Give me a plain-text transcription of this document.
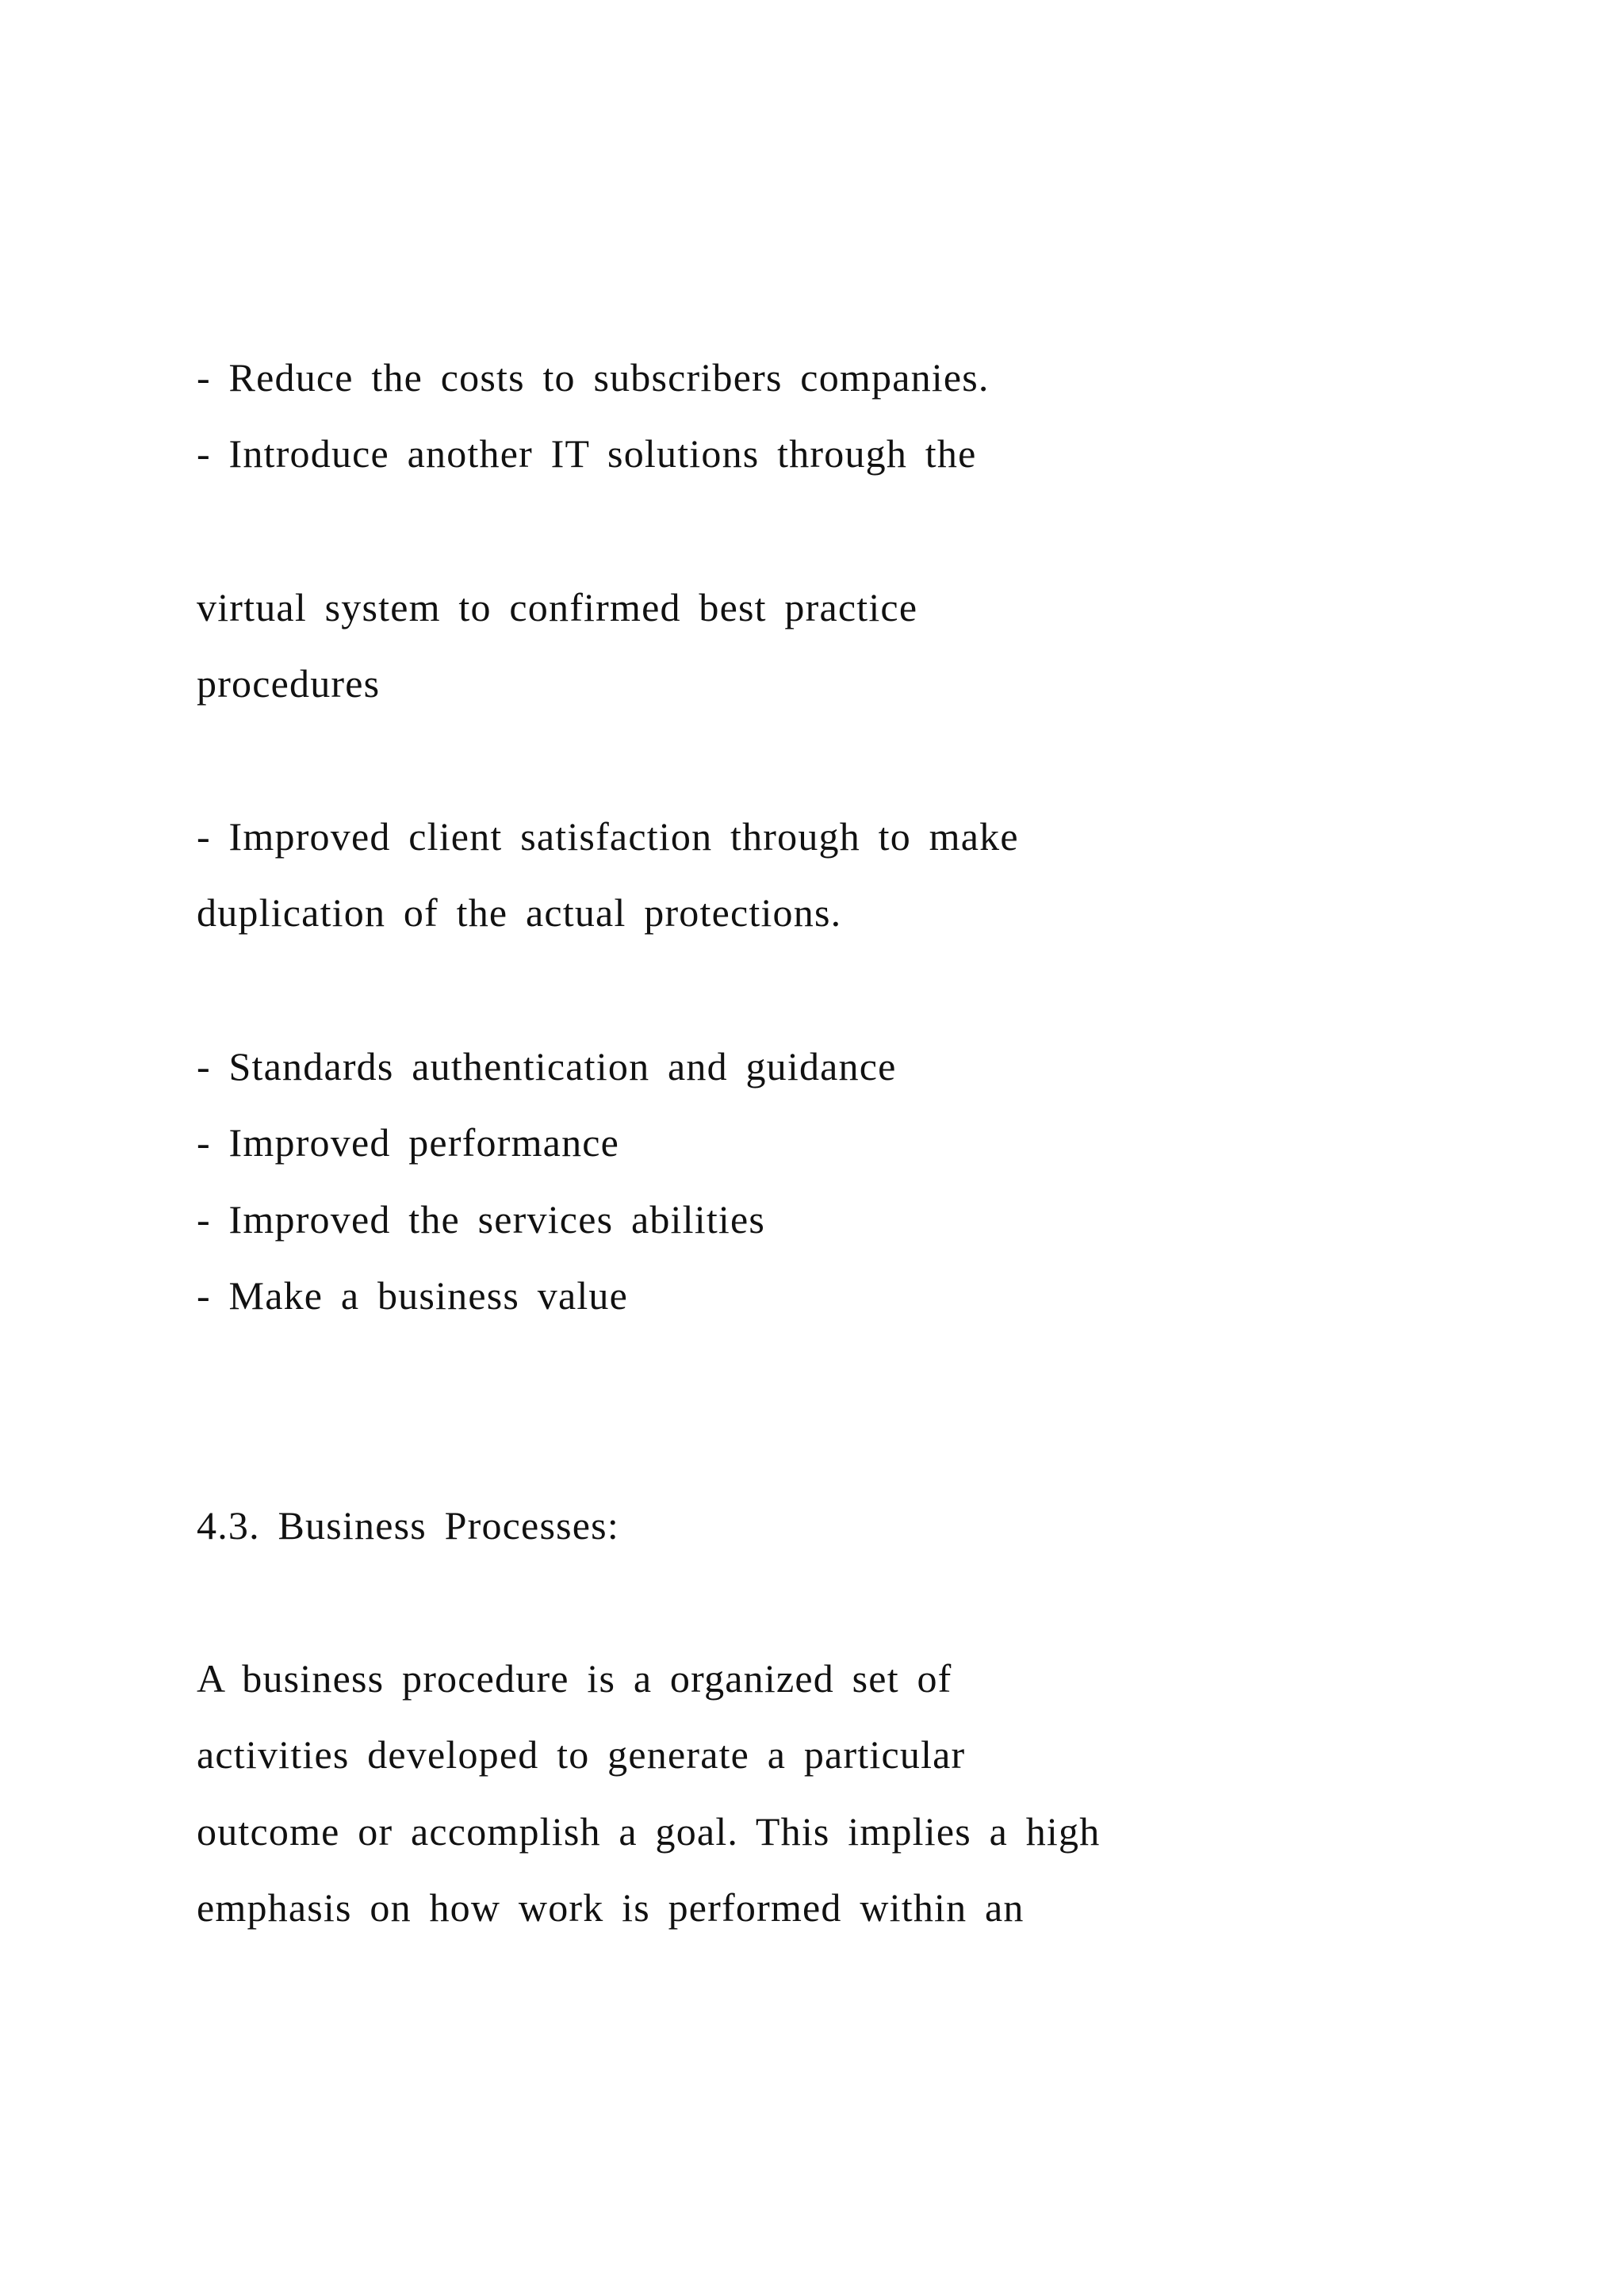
- Reduce the costs to subscribers companies.

- Introduce another IT solutions through the

virtual system to confirmed best practice

procedures

- Improved client satisfaction through to make

duplication of the actual protections.

- Standards authentication and guidance

- Improved performance

- Improved the services abilities

- Make a business value

4.3. Business Processes:

A business procedure is a organized set of

activities developed to generate a particular

outcome or accomplish a goal. This implies a high

emphasis on how work is performed within an
